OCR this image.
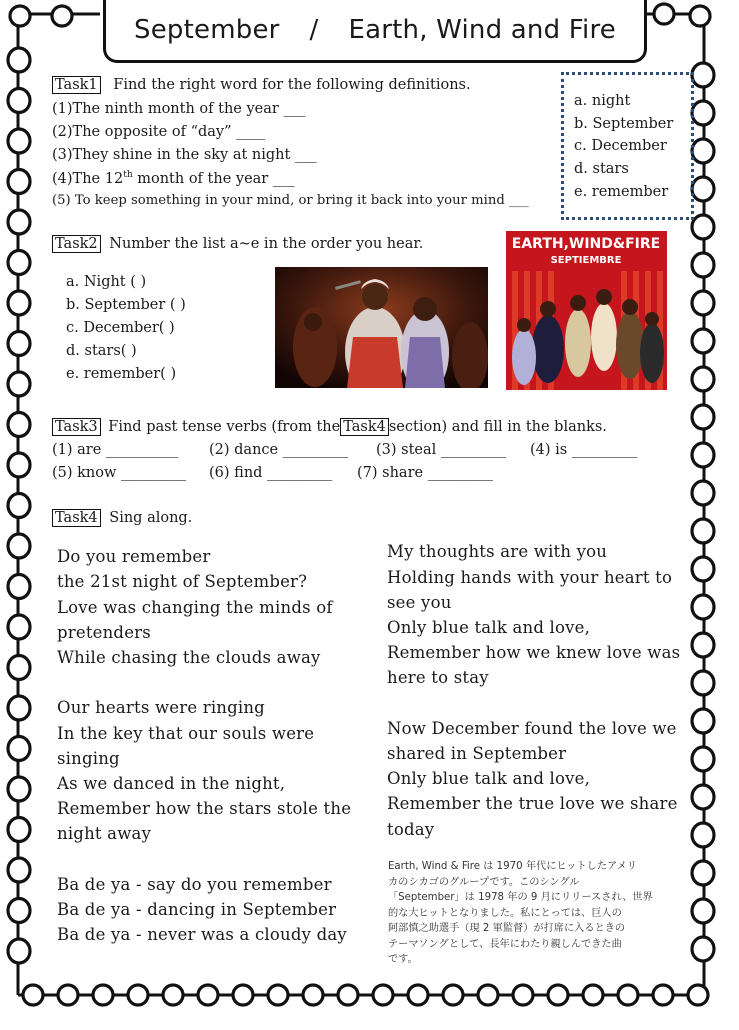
September / Earth, Wind and Fire
Task1 Find the right word for the following definitions.
(1)The ninth month of the year ___
(2)The opposite of “day” ____
(3)They shine in the sky at night ___
(4)The 12th month of the year ___
(5) To keep something in your mind, or bring it back into your mind ___
a. night
b. September
c. December
d. stars
e. remember
Task2 Number the list a~e in the order you hear.
a. Night ( )
b. September ( )
c. December( )
d. stars( )
e. remember( )
EARTH,WIND&FIRE
SEPTIEMBRE
Task3 Find past tense verbs (from the Task4 section) and fill in the blanks.
(1) are __________ (2) dance _________ (3) steal _________ (4) is _________
(5) know _________ (6) find _________ (7) share _________
Task4 Sing along.
Do you remember
the 21st night of September?
Love was changing the minds of
pretenders
While chasing the clouds away
Our hearts were ringing
In the key that our souls were
singing
As we danced in the night,
Remember how the stars stole the
night away
Ba de ya - say do you remember
Ba de ya - dancing in September
Ba de ya - never was a cloudy day
My thoughts are with you
Holding hands with your heart to
see you
Only blue talk and love,
Remember how we knew love was
here to stay
Now December found the love we
shared in September
Only blue talk and love,
Remember the true love we share
today
Earth, Wind & Fire は 1970 年代にヒットしたアメリ
カのシカゴのグループです。このシングル
「September」は 1978 年の 9 月にリリースされ、世界
的な大ヒットとなりました。私にとっては、巨人の
阿部慎之助選手（現 2 軍監督）が打席に入るときの
テーマソングとして、長年にわたり親しんできた曲
です。
